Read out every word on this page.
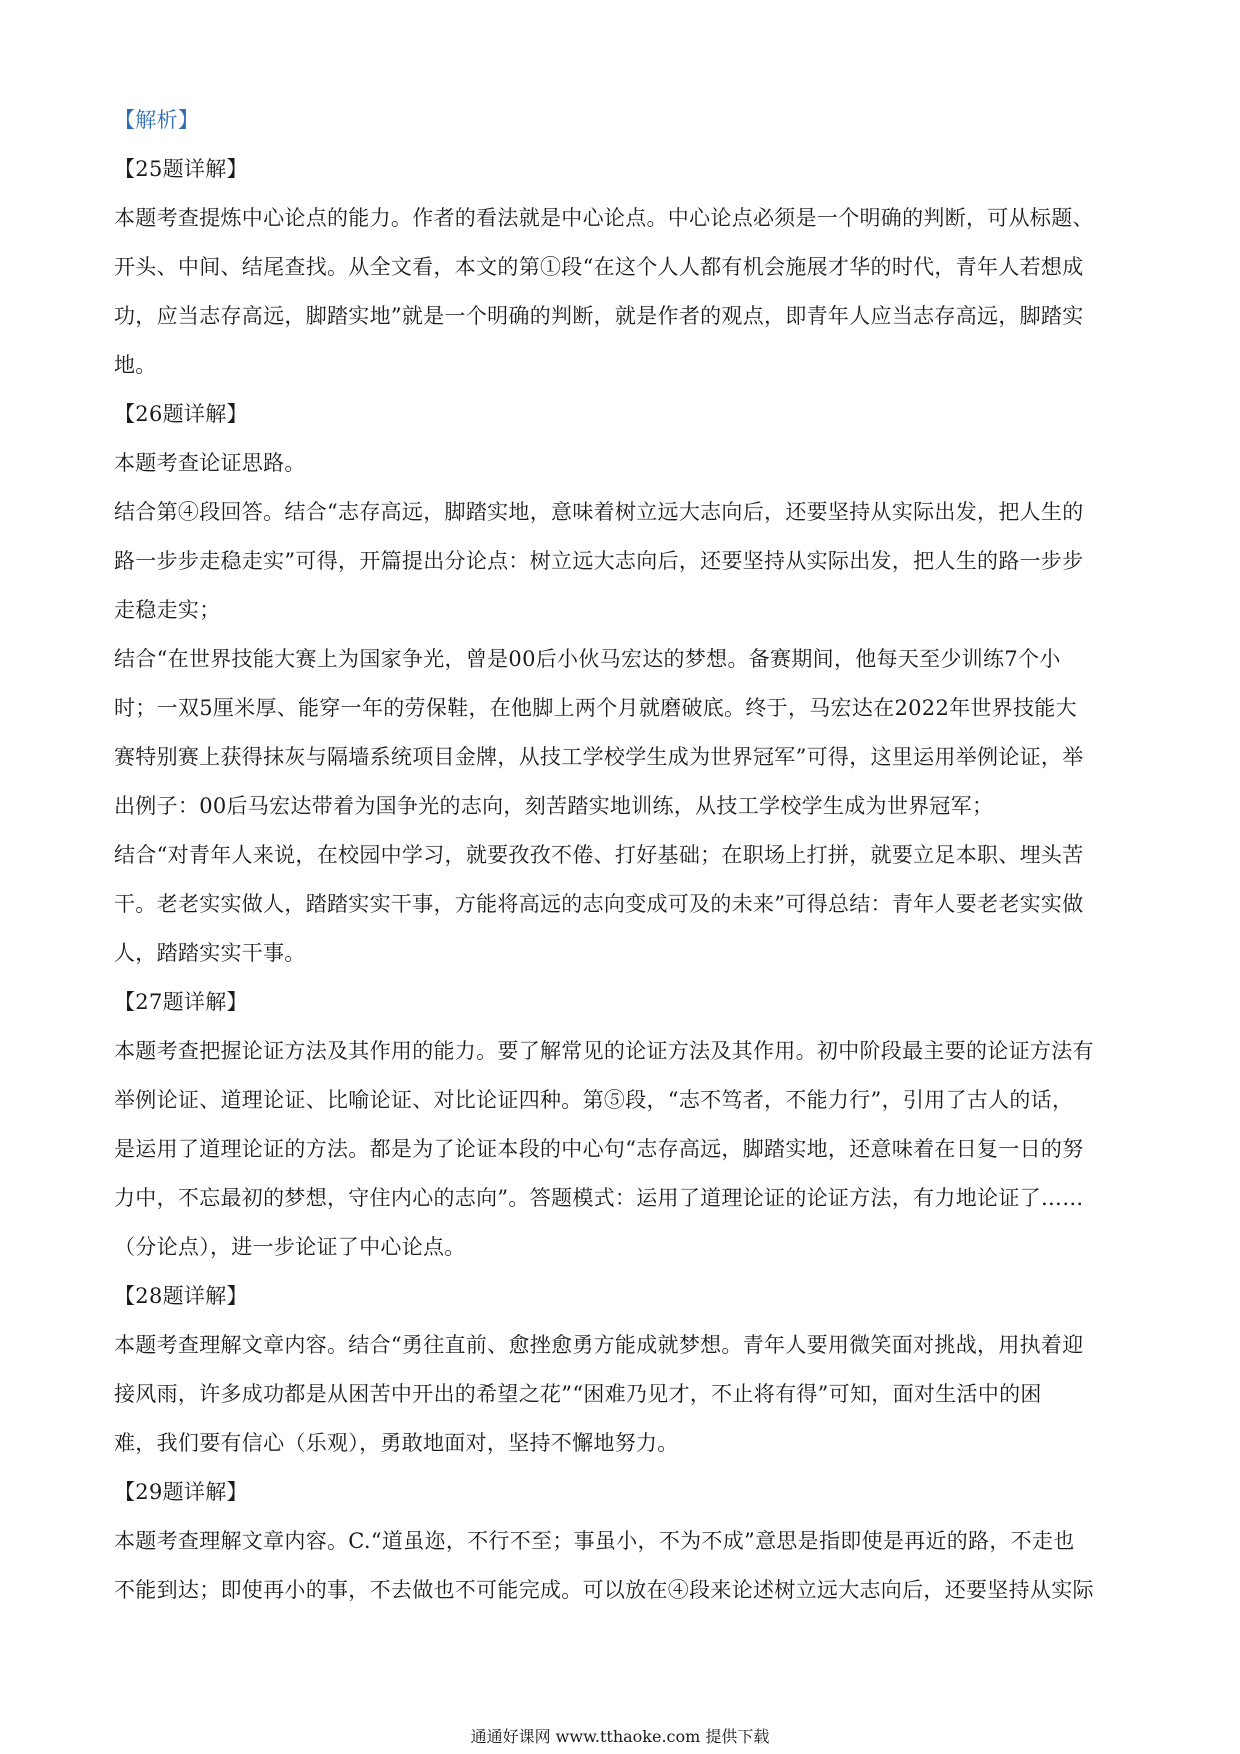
【解析】
【25题详解】
本题考查提炼中心论点的能力。作者的看法就是中心论点。中心论点必须是一个明确的判断，可从标题、
开头、中间、结尾查找。从全文看，本文的第①段“在这个人人都有机会施展才华的时代，青年人若想成
功，应当志存高远，脚踏实地”就是一个明确的判断，就是作者的观点，即青年人应当志存高远，脚踏实
地。
【26题详解】
本题考查论证思路。
结合第④段回答。结合“志存高远，脚踏实地，意味着树立远大志向后，还要坚持从实际出发，把人生的
路一步步走稳走实”可得，开篇提出分论点：树立远大志向后，还要坚持从实际出发，把人生的路一步步
走稳走实；
结合“在世界技能大赛上为国家争光，曾是00后小伙马宏达的梦想。备赛期间，他每天至少训练7个小
时；一双5厘米厚、能穿一年的劳保鞋，在他脚上两个月就磨破底。终于，马宏达在2022年世界技能大
赛特别赛上获得抹灰与隔墙系统项目金牌，从技工学校学生成为世界冠军”可得，这里运用举例论证，举
出例子：00后马宏达带着为国争光的志向，刻苦踏实地训练，从技工学校学生成为世界冠军；
结合“对青年人来说，在校园中学习，就要孜孜不倦、打好基础；在职场上打拼，就要立足本职、埋头苦
干。老老实实做人，踏踏实实干事，方能将高远的志向变成可及的未来”可得总结：青年人要老老实实做
人，踏踏实实干事。
【27题详解】
本题考查把握论证方法及其作用的能力。要了解常见的论证方法及其作用。初中阶段最主要的论证方法有
举例论证、道理论证、比喻论证、对比论证四种。第⑤段，“志不笃者，不能力行”，引用了古人的话，
是运用了道理论证的方法。都是为了论证本段的中心句“志存高远，脚踏实地，还意味着在日复一日的努
力中，不忘最初的梦想，守住内心的志向”。答题模式：运用了道理论证的论证方法，有力地论证了……
（分论点），进一步论证了中心论点。
【28题详解】
本题考查理解文章内容。结合“勇往直前、愈挫愈勇方能成就梦想。青年人要用微笑面对挑战，用执着迎
接风雨，许多成功都是从困苦中开出的希望之花”“困难乃见才，不止将有得”可知，面对生活中的困
难，我们要有信心（乐观），勇敢地面对，坚持不懈地努力。
【29题详解】
本题考查理解文章内容。C.“道虽迩，不行不至；事虽小，不为不成”意思是指即使是再近的路，不走也
不能到达；即使再小的事，不去做也不可能完成。可以放在④段来论述树立远大志向后，还要坚持从实际
通通好课网 www.tthaoke.com 提供下载
